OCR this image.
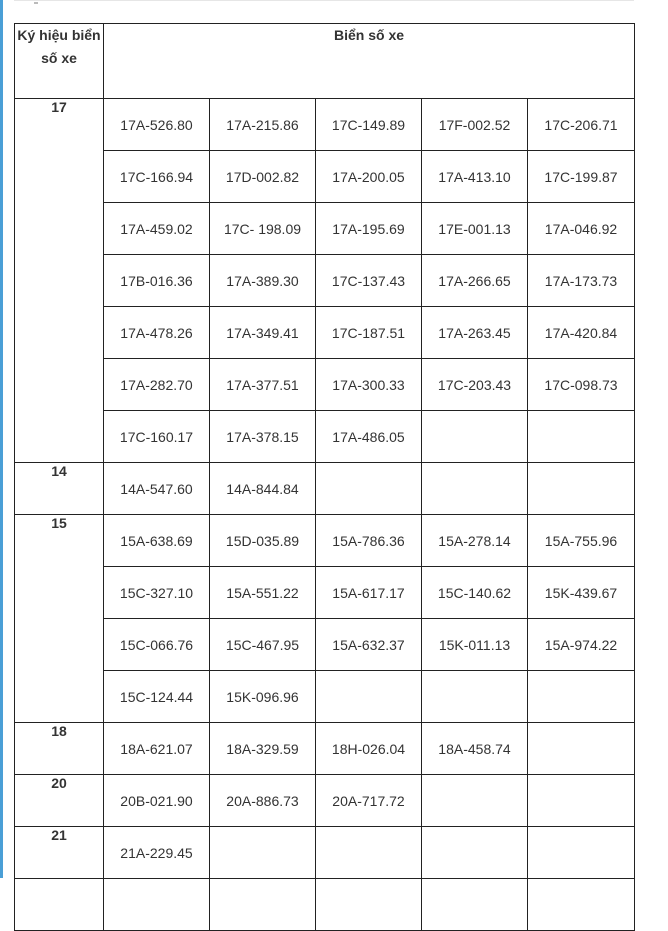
Ký hiệu biển số xe	Biển số xe				
17	17A-526.80	17A-215.86	17C-149.89	17F-002.52	17C-206.71
	17C-166.94	17D-002.82	17A-200.05	17A-413.10	17C-199.87
	17A-459.02	17C- 198.09	17A-195.69	17E-001.13	17A-046.92
	17B-016.36	17A-389.30	17C-137.43	17A-266.65	17A-173.73
	17A-478.26	17A-349.41	17C-187.51	17A-263.45	17A-420.84
	17A-282.70	17A-377.51	17A-300.33	17C-203.43	17C-098.73
	17C-160.17	17A-378.15	17A-486.05		
14	14A-547.60	14A-844.84			
15	15A-638.69	15D-035.89	15A-786.36	15A-278.14	15A-755.96
	15C-327.10	15A-551.22	15A-617.17	15C-140.62	15K-439.67
	15C-066.76	15C-467.95	15A-632.37	15K-011.13	15A-974.22
	15C-124.44	15K-096.96			
18	18A-621.07	18A-329.59	18H-026.04	18A-458.74	
20	20B-021.90	20A-886.73	20A-717.72		
21	21A-229.45				
